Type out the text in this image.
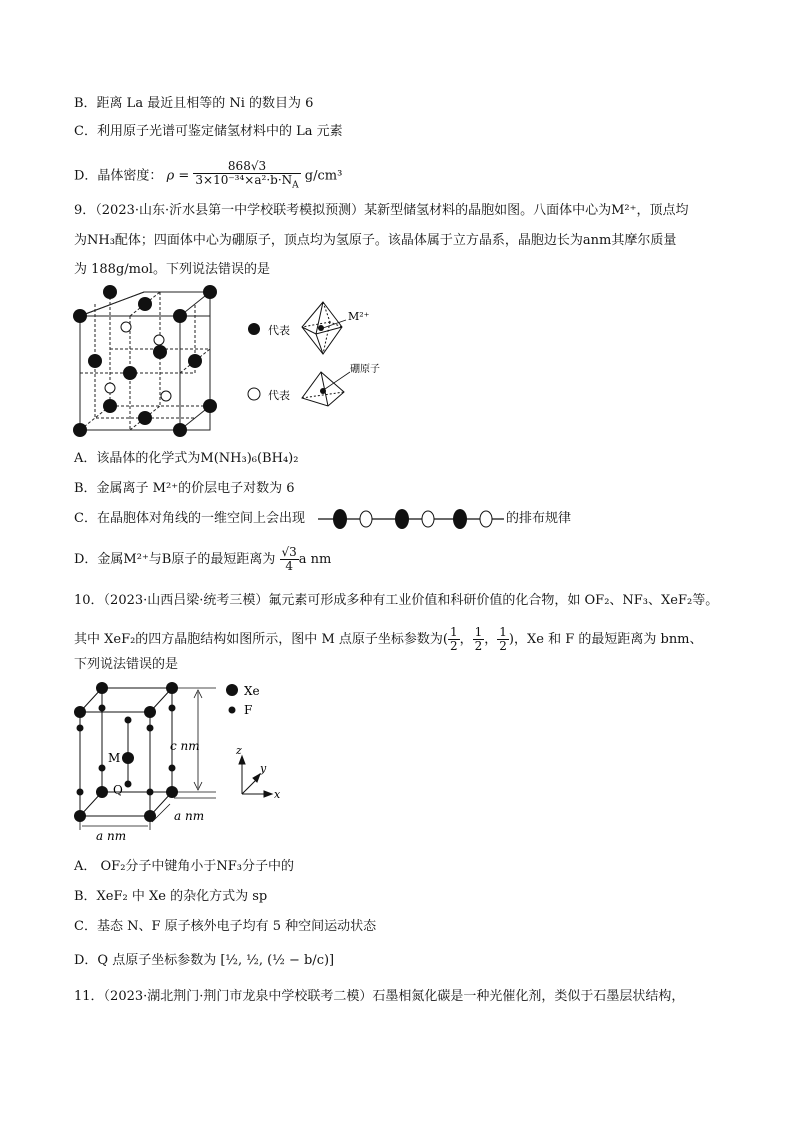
B．距离 La 最近且相等的 Ni 的数目为 6
C．利用原子光谱可鉴定储氢材料中的 La 元素
D．晶体密度： $\rho = \frac{868√3}{3\times 10^{-34}\times a^2\cdot b\cdot N_A} g/cm^3$
9．（2023·山东·沂水县第一中学校联考模拟预测）某新型储氢材料的晶胞如图。八面体中心为M²⁺，顶点均
为NH₃配体；四面体中心为硼原子，顶点均为氢原子。该晶体属于立方晶系，晶胞边长为anm其摩尔质量
为 188g/mol。下列说法错误的是
代表
代表
M²⁺
硼原子
A．该晶体的化学式为M(NH₃)₆(BH₄)₂
B．金属离子 M²⁺的价层电子对数为 6
C．在晶胞体对角线的一维空间上会出现	的排布规律
D．金属M²⁺与B原子的最短距离为 $\frac{√3}{4}$ a nm
10．（2023·山西吕梁·统考三模）氟元素可形成多种有工业价值和科研价值的化合物，如 OF₂、NF₃、XeF₂等。
其中 XeF₂的四方晶胞结构如图所示，图中 M 点原子坐标参数为( $\frac{1}{2}$ ， $\frac{1}{2}$ ， $\frac{1}{2}$ )，Xe 和 F 的最短距离为 bnm、
下列说法错误的是
M
Q
c nm
a nm
a nm
Xe
F
z
y
x
A． OF₂分子中键角小于NF₃分子中的
B．XeF₂ 中 Xe 的杂化方式为 sp
C．基态 N、F 原子核外电子均有 5 种空间运动状态
D．Q 点原子坐标参数为 [½, ½, (½ − b/c)]
11．（2023·湖北荆门·荆门市龙泉中学校联考二模）石墨相氮化碳是一种光催化剂，类似于石墨层状结构，
